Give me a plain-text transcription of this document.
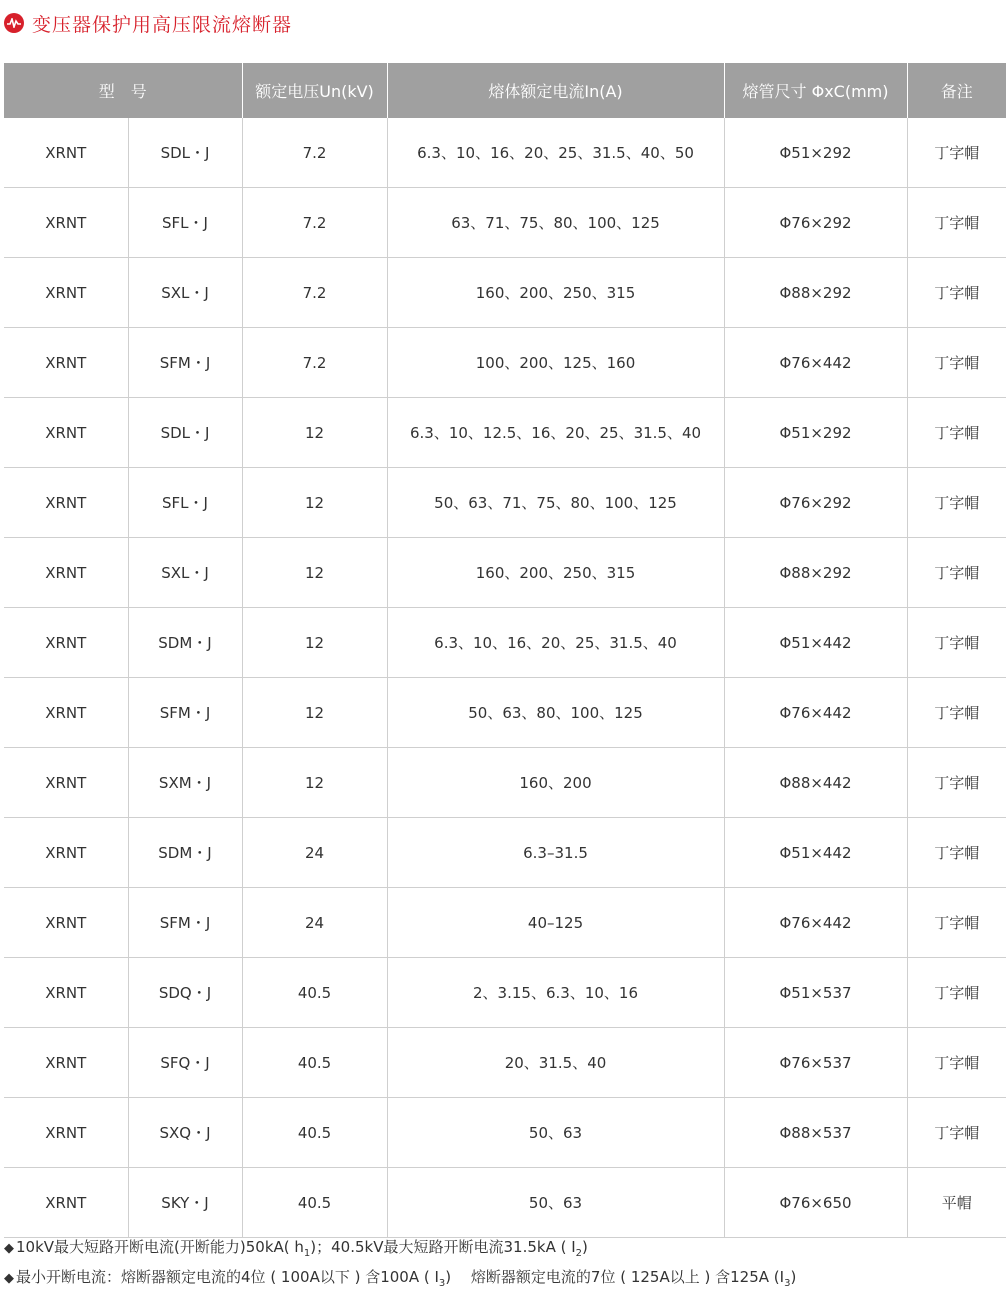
变压器保护用高压限流熔断器
型　号		额定电压Un(kV)	熔体额定电流In(A)	熔管尺寸 ΦxC(mm)	备注
XRNT	SDL・J	7.2	6.3、10、16、20、25、31.5、40、50	Φ51×292	丁字帽
XRNT	SFL・J	7.2	63、71、75、80、100、125	Φ76×292	丁字帽
XRNT	SXL・J	7.2	160、200、250、315	Φ88×292	丁字帽
XRNT	SFM・J	7.2	100、200、125、160	Φ76×442	丁字帽
XRNT	SDL・J	12	6.3、10、12.5、16、20、25、31.5、40	Φ51×292	丁字帽
XRNT	SFL・J	12	50、63、71、75、80、100、125	Φ76×292	丁字帽
XRNT	SXL・J	12	160、200、250、315	Φ88×292	丁字帽
XRNT	SDM・J	12	6.3、10、16、20、25、31.5、40	Φ51×442	丁字帽
XRNT	SFM・J	12	50、63、80、100、125	Φ76×442	丁字帽
XRNT	SXM・J	12	160、200	Φ88×442	丁字帽
XRNT	SDM・J	24	6.3–31.5	Φ51×442	丁字帽
XRNT	SFM・J	24	40–125	Φ76×442	丁字帽
XRNT	SDQ・J	40.5	2、3.15、6.3、10、16	Φ51×537	丁字帽
XRNT	SFQ・J	40.5	20、31.5、40	Φ76×537	丁字帽
XRNT	SXQ・J	40.5	50、63	Φ88×537	丁字帽
XRNT	SKY・J	40.5	50、63	Φ76×650	平帽
◆ 10kV最大短路开断电流(开断能力)50kA( $h_1$)；40.5kV最大短路开断电流31.5kA ( $I_2$)
◆ 最小开断电流：熔断器额定电流的4位 ( 100A以下 ) 含100A ( $I_3$)　 熔断器额定电流的7位 ( 125A以上 ) 含125A $(I_3)$
